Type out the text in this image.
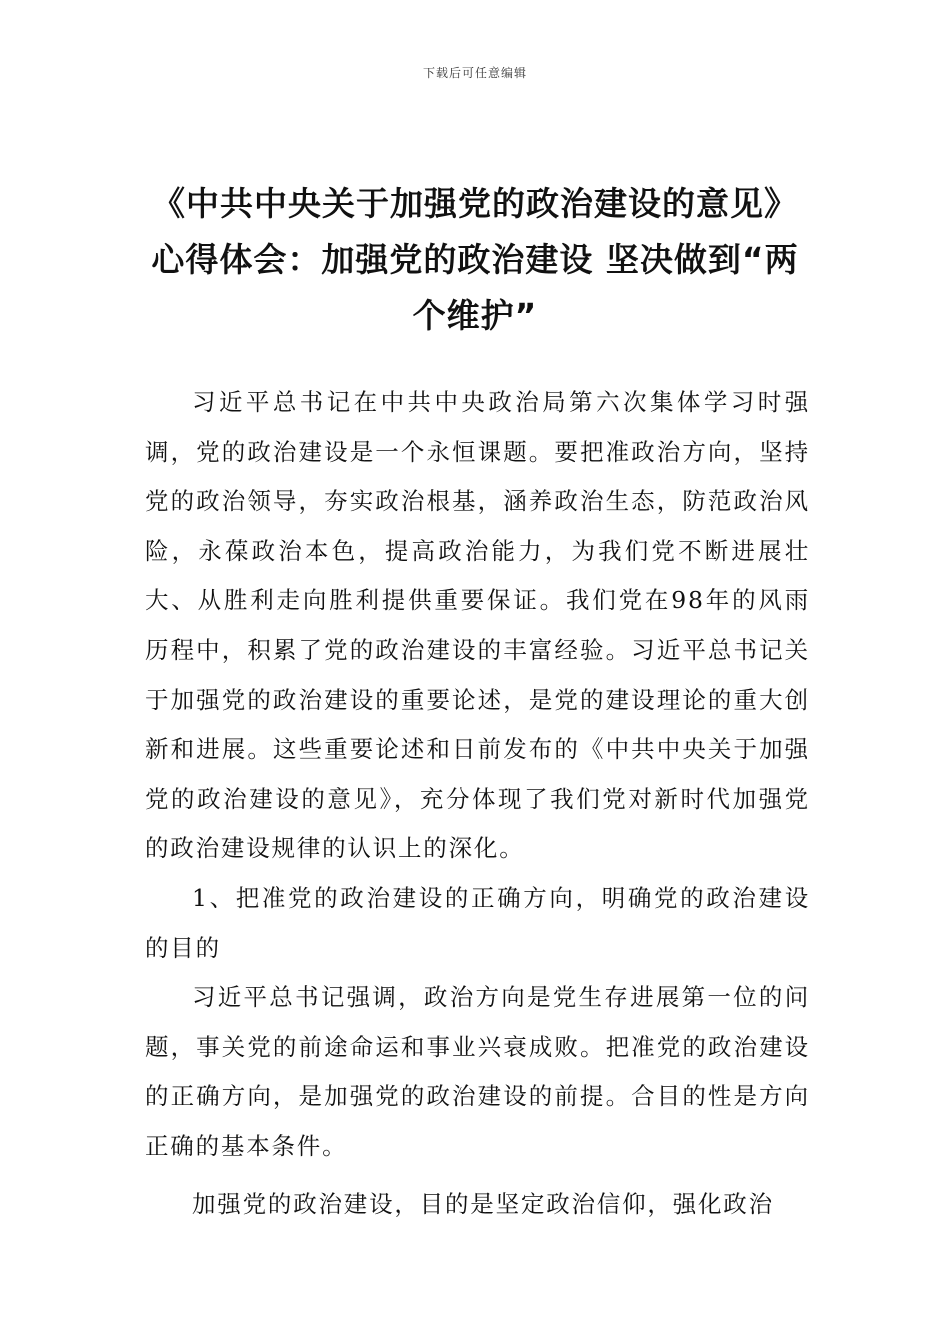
下载后可任意编辑
《中共中央关于加强党的政治建设的意见》心得体会：加强党的政治建设 坚决做到“两个维护”

习近平总书记在中共中央政治局第六次集体学习时强调，党的政治建设是一个永恒课题。要把准政治方向，坚持党的政治领导，夯实政治根基，涵养政治生态，防范政治风险，永葆政治本色，提高政治能力，为我们党不断进展壮大、从胜利走向胜利提供重要保证。我们党在98年的风雨历程中，积累了党的政治建设的丰富经验。习近平总书记关于加强党的政治建设的重要论述，是党的建设理论的重大创新和进展。这些重要论述和日前发布的《中共中央关于加强党的政治建设的意见》，充分体现了我们党对新时代加强党的政治建设规律的认识上的深化。

1、把准党的政治建设的正确方向，明确党的政治建设的目的

习近平总书记强调，政治方向是党生存进展第一位的问题，事关党的前途命运和事业兴衰成败。把准党的政治建设的正确方向，是加强党的政治建设的前提。合目的性是方向正确的基本条件。

加强党的政治建设，目的是坚定政治信仰，强化政治
